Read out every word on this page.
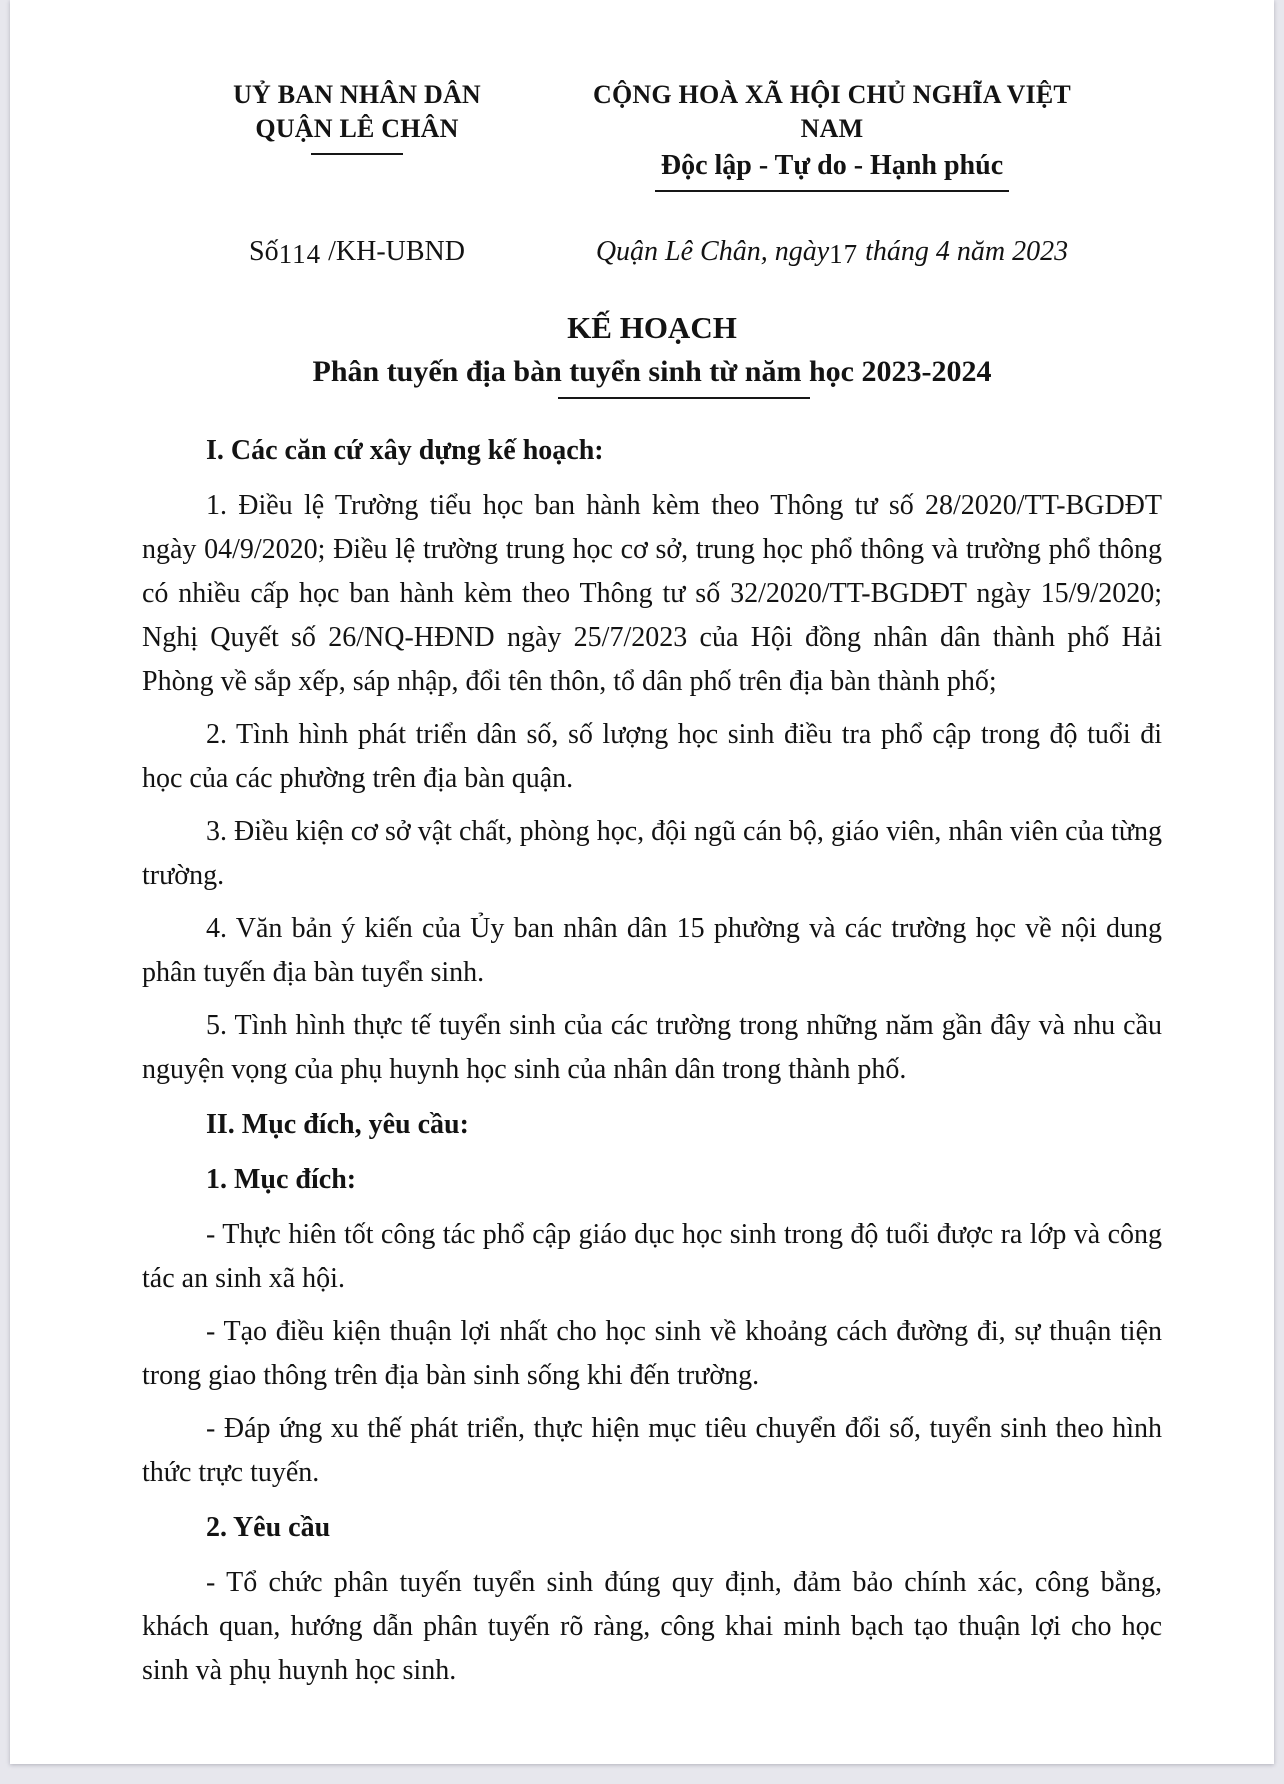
UỶ BAN NHÂN DÂN
QUẬN LÊ CHÂN
CỘNG HOÀ XÃ HỘI CHỦ NGHĨA VIỆT NAM
Độc lập - Tự do - Hạnh phúc
Số114 /KH-UBND	Quận Lê Chân, ngày17 tháng 4 năm 2023
KẾ HOẠCH
Phân tuyến địa bàn tuyển sinh từ năm học 2023-2024

I. Các căn cứ xây dựng kế hoạch:

1. Điều lệ Trường tiểu học ban hành kèm theo Thông tư số 28/2020/TT-BGDĐT ngày 04/9/2020; Điều lệ trường trung học cơ sở, trung học phổ thông và trường phổ thông có nhiều cấp học ban hành kèm theo Thông tư số 32/2020/TT-BGDĐT ngày 15/9/2020; Nghị Quyết số 26/NQ-HĐND ngày 25/7/2023 của Hội đồng nhân dân thành phố Hải Phòng về sắp xếp, sáp nhập, đổi tên thôn, tổ dân phố trên địa bàn thành phố;

2. Tình hình phát triển dân số, số lượng học sinh điều tra phổ cập trong độ tuổi đi học của các phường trên địa bàn quận.

3. Điều kiện cơ sở vật chất, phòng học, đội ngũ cán bộ, giáo viên, nhân viên của từng trường.

4. Văn bản ý kiến của Ủy ban nhân dân 15 phường và các trường học về nội dung phân tuyến địa bàn tuyển sinh.

5. Tình hình thực tế tuyển sinh của các trường trong những năm gần đây và nhu cầu nguyện vọng của phụ huynh học sinh của nhân dân trong thành phố.

II. Mục đích, yêu cầu:

1. Mục đích:

- Thực hiên tốt công tác phổ cập giáo dục học sinh trong độ tuổi được ra lớp và công tác an sinh xã hội.

- Tạo điều kiện thuận lợi nhất cho học sinh về khoảng cách đường đi, sự thuận tiện trong giao thông trên địa bàn sinh sống khi đến trường.

- Đáp ứng xu thế phát triển, thực hiện mục tiêu chuyển đổi số, tuyển sinh theo hình thức trực tuyến.

2. Yêu cầu

- Tổ chức phân tuyến tuyển sinh đúng quy định, đảm bảo chính xác, công bằng, khách quan, hướng dẫn phân tuyến rõ ràng, công khai minh bạch tạo thuận lợi cho học sinh và phụ huynh học sinh.
